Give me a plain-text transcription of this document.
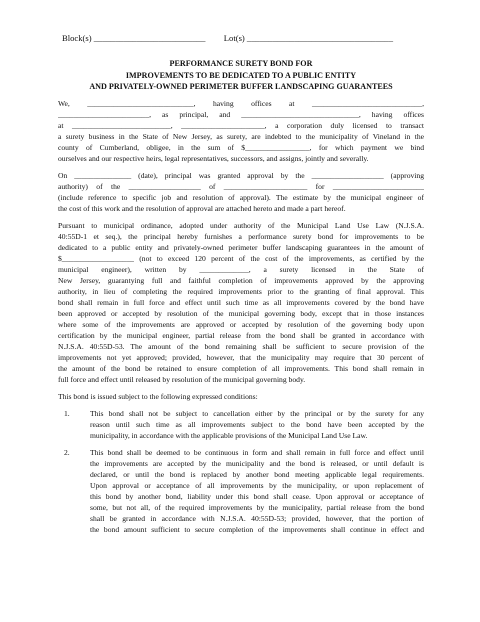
Block(s) __________________________ Lot(s) __________________________________
PERFORMANCE SURETY BOND FOR
IMPROVEMENTS TO BE DEDICATED TO A PUBLIC ENTITY
AND PRIVATELY-OWNED PERIMETER BUFFER LANDSCAPING GUARANTEES
We, ____________________________, having offices at _____________________________,
________________________, as principal, and _______________________________, having offices
at __________________________, ______________________, a corporation duly licensed to transact
a surety business in the State of New Jersey, as surety, are indebted to the municipality of Vineland in the
county of Cumberland, obligee, in the sum of $_________________, for which payment we bind
ourselves and our respective heirs, legal representatives, successors, and assigns, jointly and severally.
On _______________ (date), principal was granted approval by the ___________________ (approving
authority) of the ___________________ of ______________________ for ________________________
(include reference to specific job and resolution of approval). The estimate by the municipal engineer of
the cost of this work and the resolution of approval are attached hereto and made a part hereof.
Pursuant to municipal ordinance, adopted under authority of the Municipal Land Use Law (N.J.S.A.
40:55D-1 et seq.), the principal hereby furnishes a performance surety bond for improvements to be
dedicated to a public entity and privately-owned perimeter buffer landscaping guarantees in the amount of
$___________________ (not to exceed 120 percent of the cost of the improvements, as certified by the
municipal engineer), written by _____________, a surety licensed in the State of
New Jersey, guarantying full and faithful completion of improvements approved by the approving
authority, in lieu of completing the required improvements prior to the granting of final approval. This
bond shall remain in full force and effect until such time as all improvements covered by the bond have
been approved or accepted by resolution of the municipal governing body, except that in those instances
where some of the improvements are approved or accepted by resolution of the governing body upon
certification by the municipal engineer, partial release from the bond shall be granted in accordance with
N.J.S.A. 40:55D-53. The amount of the bond remaining shall be sufficient to secure provision of the
improvements not yet approved; provided, however, that the municipality may require that 30 percent of
the amount of the bond be retained to ensure completion of all improvements. This bond shall remain in
full force and effect until released by resolution of the municipal governing body.
This bond is issued subject to the following expressed conditions:
1.	This bond shall not be subject to cancellation either by the principal or by the surety for any
reason until such time as all improvements subject to the bond have been accepted by the
municipality, in accordance with the applicable provisions of the Municipal Land Use Law.
2.	This bond shall be deemed to be continuous in form and shall remain in full force and effect until
the improvements are accepted by the municipality and the bond is released, or until default is
declared, or until the bond is replaced by another bond meeting applicable legal requirements.
Upon approval or acceptance of all improvements by the municipality, or upon replacement of
this bond by another bond, liability under this bond shall cease. Upon approval or acceptance of
some, but not all, of the required improvements by the municipality, partial release from the bond
shall be granted in accordance with N.J.S.A. 40:55D-53; provided, however, that the portion of
the bond amount sufficient to secure completion of the improvements shall continue in effect and
